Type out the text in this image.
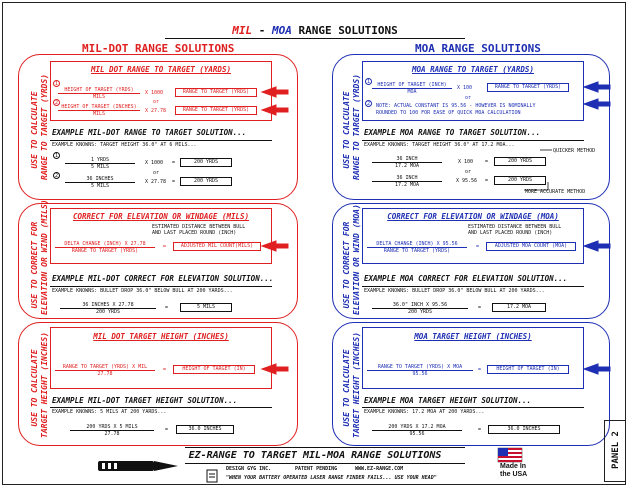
MIL - MOA RANGE SOLUTIONS
MIL-DOT RANGE SOLUTIONS	MOA RANGE SOLUTIONS
USE TO CALCULATE RANGE TO TARGET (YRDS)
MIL DOT RANGE TO TARGET (YARDS)
1
HEIGHT OF TARGET (YRDS)
MILS
X 1000	RANGE TO TARGET (YRDS)
or
2
HEIGHT OF TARGET (INCHES)
MILS	X 27.78	RANGE TO TARGET (YRDS)
EXAMPLE MIL-DOT RANGE TO TARGET SOLUTION...
EXAMPLE KNOWNS: TARGET HEIGHT 36.0" AT 6 MILS...
1
1 YRDS
5 MILS
X 1000 =	200 YRDS
or
2	36 INCHES
5 MILS
X 27.78 =	200 YRDS
USE TO CORRECT FOR ELEVATION OR WIND (MILS)	CORRECT FOR ELEVATION OR WINDAGE (MILS)
ESTIMATED DISTANCE BETWEEN BULL
AND LAST PLACED ROUND (INCH)
DELTA CHANGE (INCH) X 27.78
RANGE TO TARGET (YRDS)
=	ADJUSTED MIL COUNT(MILS)
EXAMPLE MIL-DOT CORRECT FOR ELEVATION SOLUTION...
EXAMPLE KNOWNS: BULLET DROP 36.0" BELOW BULL AT 200 YARDS...
36 INCHES X 27.78
200 YRDS
=	5 MILS
USE TO CALCULATE TARGET HEIGHT (INCHES)	MIL DOT TARGET HEIGHT (INCHES)
RANGE TO TARGET (YRDS) X MIL
27.78
=	HEIGHT OF TARGET (IN)
EXAMPLE MIL-DOT TARGET HEIGHT SOLUTION...
EXAMPLE KNOWNS: 5 MILS AT 200 YARDS...
200 YRDS X 5 MILS
27.78
=	36.0 INCHES
USE TO CALCULATE RANGE TO TARGET (YRDS)
MOA RANGE TO TARGET (YARDS)
1	HEIGHT OF TARGET (INCH)
MOA
X 100	RANGE TO TARGET (YRDS)
or
2	NOTE: ACTUAL CONSTANT IS 95.56 - HOWEVER IS NOMINALLY
ROUNDED TO 100 FOR EASE OF QUICK MOA CALCULATION
EXAMPLE MOA RANGE TO TARGET SOLUTION...
EXAMPLE KNOWNS: TARGET HEIGHT 36.0" AT 17.2 MOA...
QUICKER METHOD
36 INCH
17.2 MOA
X 100 =	200 YRDS
or
36 INCH
17.2 MOA
X 95.56 =	200 YRDS
MORE ACCURATE METHOD
USE TO CORRECT FOR ELEVATION OR WIND (MOA)	CORRECT FOR ELEVATION OR WINDAGE (MOA)
ESTIMATED DISTANCE BETWEEN BULL
AND LAST PLACED ROUND (INCH)
DELTA CHANGE (INCH) X 95.56
RANGE TO TARGET (YRDS)
=	ADJUSTED MOA COUNT (MOA)
EXAMPLE MOA CORRECT FOR ELEVATION SOLUTION...
EXAMPLE KNOWNS: BULLET DROP 36.0" BELOW BULL AT 200 YARDS...
36.0" INCH X 95.56
200 YRDS
=	17.2 MOA
USE TO CALCULATE TARGET HEIGHT (INCHES)	MOA TARGET HEIGHT (INCHES)
RANGE TO TARGET (YRDS) X MOA
95.56
=	HEIGHT OF TARGET (IN)
EXAMPLE MOA TARGET HEIGHT SOLUTION...
EXAMPLE KNOWNS: 17.2 MOA AT 200 YARDS...
200 YRDS X 17.2 MOA
95.56
=	36.0 INCHES
EZ-RANGE TO TARGET MIL-MOA RANGE SOLUTIONS
DESIGN GYG INC.	PATENT PENDING	WWW.EZ-RANGE.COM
"WHEN YOUR BATTERY OPERATED LASER RANGE FINDER FAILS... USE YOUR HEAD"
Made In
the USA
PANEL 2
